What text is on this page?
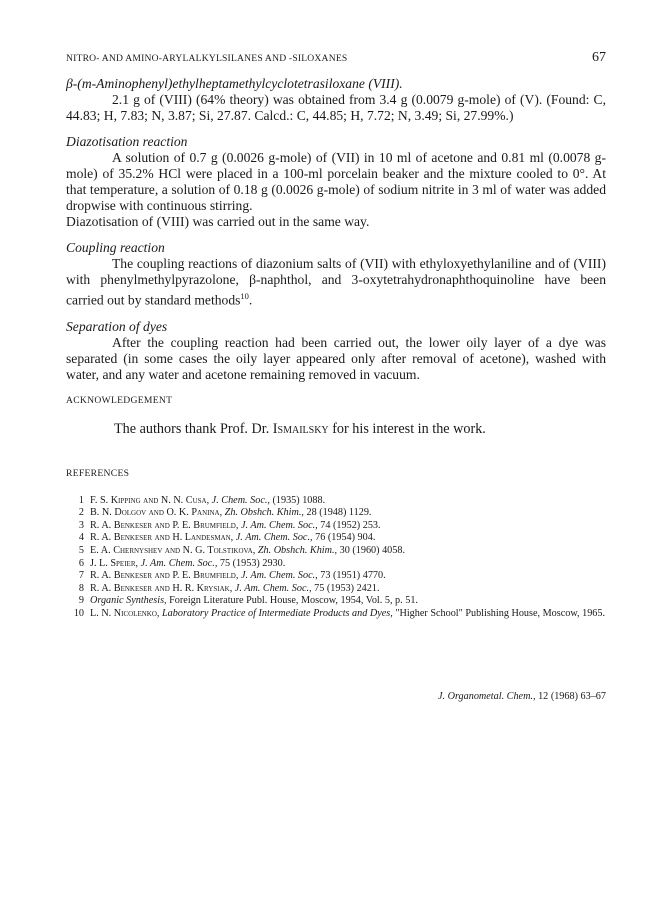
NITRO- AND AMINO-ARYLALKYLSILANES AND -SILOXANES	67

β-(m-Aminophenyl)ethylheptamethylcyclotetrasiloxane (VIII).

2.1 g of (VIII) (64% theory) was obtained from 3.4 g (0.0079 g-mole) of (V). (Found: C, 44.83; H, 7.83; N, 3.87; Si, 27.87. Calcd.: C, 44.85; H, 7.72; N, 3.49; Si, 27.99%.)

Diazotisation reaction

A solution of 0.7 g (0.0026 g-mole) of (VII) in 10 ml of acetone and 0.81 ml (0.0078 g-mole) of 35.2% HCl were placed in a 100-ml porcelain beaker and the mixture cooled to 0°. At that temperature, a solution of 0.18 g (0.0026 g-mole) of sodium nitrite in 3 ml of water was added dropwise with continuous stirring.

Diazotisation of (VIII) was carried out in the same way.

Coupling reaction

The coupling reactions of diazonium salts of (VII) with ethyloxyethylaniline and of (VIII) with phenylmethylpyrazolone, β-naphthol, and 3-oxytetrahydronaphthoquinoline have been carried out by standard methods$^{10}$.

Separation of dyes

After the coupling reaction had been carried out, the lower oily layer of a dye was separated (in some cases the oily layer appeared only after removal of acetone), washed with water, and any water and acetone remaining removed in vacuum.

ACKNOWLEDGEMENT

The authors thank Prof. Dr. Ismailsky for his interest in the work.

REFERENCES

1 F. S. Kipping and N. N. Cusa, J. Chem. Soc., (1935) 1088.
2 B. N. Dolgov and O. K. Panina, Zh. Obshch. Khim., 28 (1948) 1129.
3 R. A. Benkeser and P. E. Brumfield, J. Am. Chem. Soc., 74 (1952) 253.
4 R. A. Benkeser and H. Landesman, J. Am. Chem. Soc., 76 (1954) 904.
5 E. A. Chernyshev and N. G. Tolstikova, Zh. Obshch. Khim., 30 (1960) 4058.
6 J. L. Speier, J. Am. Chem. Soc., 75 (1953) 2930.
7 R. A. Benkeser and P. E. Brumfield, J. Am. Chem. Soc., 73 (1951) 4770.
8 R. A. Benkeser and H. R. Krysiak, J. Am. Chem. Soc., 75 (1953) 2421.
9 Organic Synthesis, Foreign Literature Publ. House, Moscow, 1954, Vol. 5, p. 51.
10 L. N. Nicolenko, Laboratory Practice of Intermediate Products and Dyes, "Higher School" Publishing House, Moscow, 1965.
J. Organometal. Chem., 12 (1968) 63–67
